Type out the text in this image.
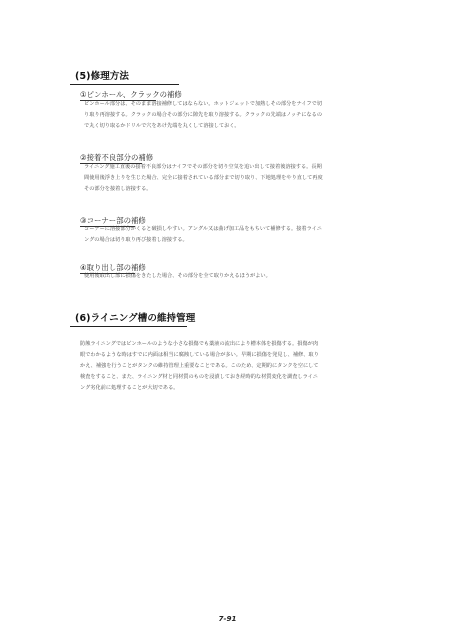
(5)修理方法
①ピンホール、クラックの補修
ピンホール部分は、そのまま溶接補修してはならない。ホットジェットで加熱しその部分をナイフで切
り取り再溶接する。クラックの場合その部分に隙先を取り溶接する。クラックの先端はノッチになるの
で丸く切り取るかドリルで穴をあけ先端を丸くして溶接しておく。
②接着不良部分の補修
ライニング施工直後の接着不良部分はナイフでその部分を切り空気を追い出して接着後溶接する。長期
間使用後浮き上りを生じた場合、完全に接着されている部分まで切り取り、下地処理をやり直して再度
その部分を接着し溶接する。
③コーナー部の補修
コーナーに溶接部分がくると破損しやすい。アングル又は曲げ加工品をもちいて補修する。接着ライニ
ングの場合は切り取り再び接着し溶接する。
④取り出し部の補修
使用後取出し部に損傷をきたした場合、その部分を全て取りかえるほうがよい。
(6)ライニング槽の維持管理
防蝕ライニングではピンホールのような小さな損傷でも薬液の流出により槽本体を損傷する。損傷が肉
眼でわかるような時はすでに内面は相当に腐蝕している場合が多い。早期に損傷を発見し、補修、取り
かえ、補強を行うことがタンクの維持管理上重要なことである。このため、定期的にタンクを空にして
検査をすること、また、ライニング材と同材質のものを浸漬しておき経時的な材質変化を調査しライニ
ング劣化前に処理することが大切である。
7-91
